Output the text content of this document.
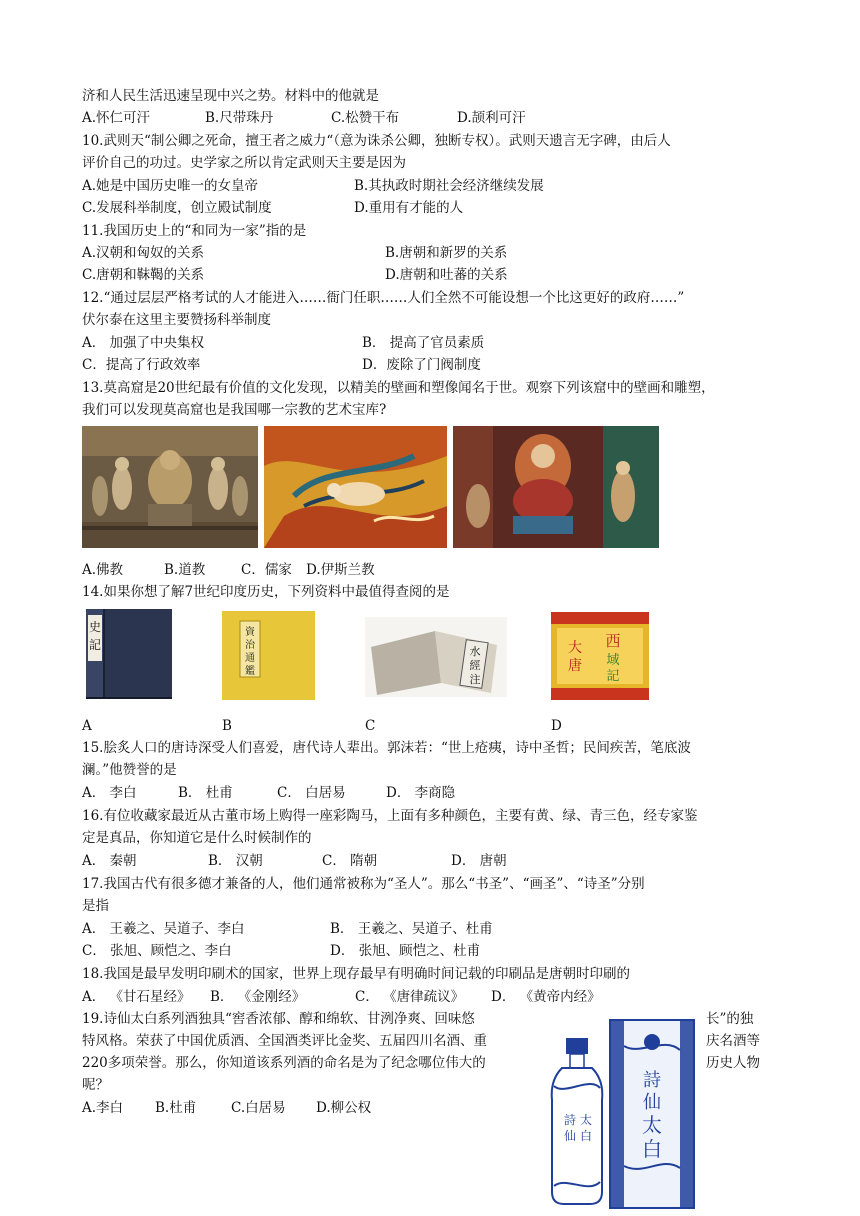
济和人民生活迅速呈现中兴之势。材料中的他就是
A.怀仁可汗	B.尺带珠丹	C.松赞干布	D.颉利可汗
10.武则天“制公卿之死命，擅王者之威力“（意为诛杀公卿，独断专权）。武则天遗言无字碑，由后人
评价自己的功过。史学家之所以肯定武则天主要是因为
A.她是中国历史唯一的女皇帝	B.其执政时期社会经济继续发展
C.发展科举制度，创立殿试制度	D.重用有才能的人
11.我国历史上的“和同为一家”指的是
A.汉朝和匈奴的关系	B.唐朝和新罗的关系
C.唐朝和靺鞨的关系	D.唐朝和吐蕃的关系
12.“通过层层严格考试的人才能进入……衙门任职……人们全然不可能设想一个比这更好的政府……”
伏尔泰在这里主要赞扬科举制度
A． 加强了中央集权	B． 提高了官员素质
C．提高了行政效率	D．废除了门阀制度
13.莫高窟是20世纪最有价值的文化发现，以精美的壁画和塑像闻名于世。观察下列该窟中的壁画和雕塑，
我们可以发现莫高窟也是我国哪一宗教的艺术宝库?
A.佛教	B.道教	C．儒家 D.伊斯兰教
14.如果你想了解7世纪印度历史，下列资料中最值得查阅的是
史
記
資
治
通
鑑
水
經
注
大
唐
西
域
記
A	B	C	D
15.脍炙人口的唐诗深受人们喜爱，唐代诗人辈出。郭沫若：“世上疮痍，诗中圣哲；民间疾苦，笔底波
澜。”他赞誉的是
A． 李白	B． 杜甫	C． 白居易	D． 李商隐
16.有位收藏家最近从古董市场上购得一座彩陶马，上面有多种颜色，主要有黄、绿、青三色，经专家鉴
定是真品，你知道它是什么时候制作的
A． 秦朝	B． 汉朝	C． 隋朝	D． 唐朝
17.我国古代有很多德才兼备的人，他们通常被称为“圣人”。那么“书圣”、“画圣”、“诗圣”分别
是指
A． 王羲之、吴道子、李白	B． 王羲之、吴道子、杜甫
C． 张旭、顾恺之、李白	D． 张旭、顾恺之、杜甫
18.我国是最早发明印刷术的国家，世界上现存最早有明确时间记载的印刷品是唐朝时印刷的
A． 《甘石星经》 B． 《金刚经》	C． 《唐律疏议》 D． 《黄帝内经》
19.诗仙太白系列酒独具“窖香浓郁、醇和绵软、甘洌净爽、回味悠	长”的独
特风格。荣获了中国优质酒、全国酒类评比金奖、五届四川名酒、重	庆名酒等
220多项荣誉。那么，你知道该系列酒的命名是为了纪念哪位伟大的	历史人物
呢？
A.李白 B.杜甫	C.白居易 D.柳公权
詩
仙
太
白
詩
仙
太
白
